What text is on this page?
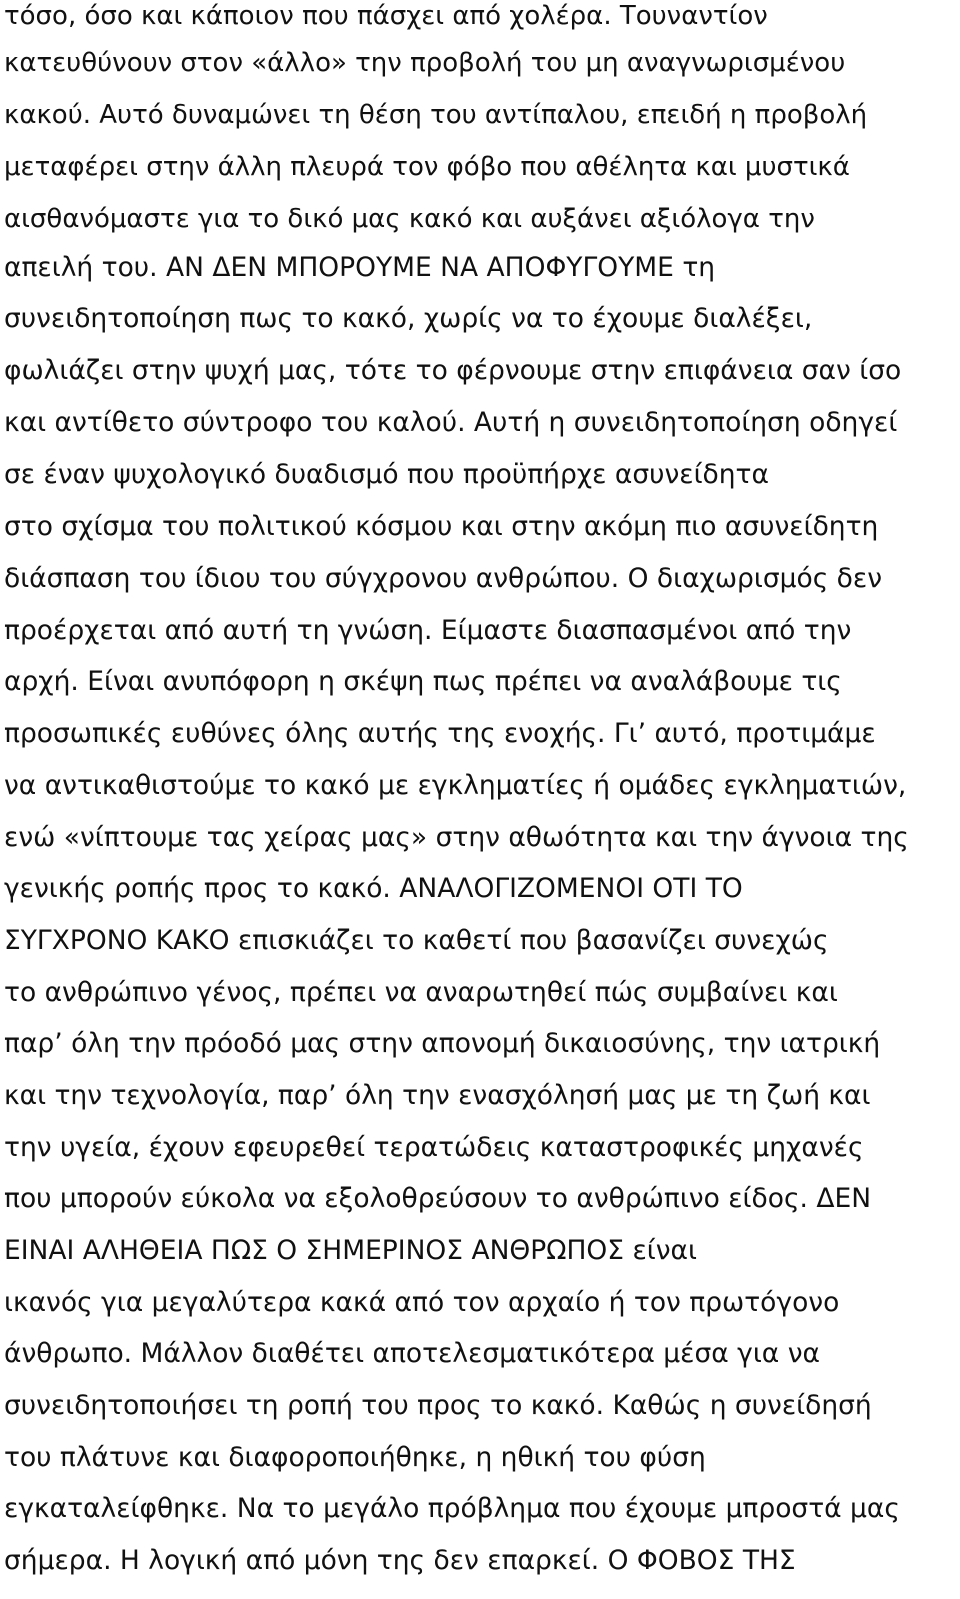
τόσο, όσο και κάποιον που πάσχει από χολέρα. Τουναντίον
κατευθύνουν στον «άλλο» την προβολή του μη αναγνωρισμένου
κακού. Αυτό δυναμώνει τη θέση του αντίπαλου, επειδή η προβολή
μεταφέρει στην άλλη πλευρά τον φόβο που αθέλητα και μυστικά
αισθανόμαστε για το δικό μας κακό και αυξάνει αξιόλογα την
απειλή του. ΑΝ ΔΕΝ ΜΠΟΡΟΥΜΕ ΝΑ ΑΠΟΦΥΓΟΥΜΕ τη
συνειδητοποίηση πως το κακό, χωρίς να το έχουμε διαλέξει,
φωλιάζει στην ψυχή μας, τότε το φέρνουμε στην επιφάνεια σαν ίσο
και αντίθετο σύντροφο του καλού. Αυτή η συνειδητοποίηση οδηγεί
σε έναν ψυχολογικό δυαδισμό που προϋπήρχε ασυνείδητα
στο σχίσμα του πολιτικού κόσμου και στην ακόμη πιο ασυνείδητη
διάσπαση του ίδιου του σύγχρονου ανθρώπου. Ο διαχωρισμός δεν
προέρχεται από αυτή τη γνώση. Είμαστε διασπασμένοι από την
αρχή. Είναι ανυπόφορη η σκέψη πως πρέπει να αναλάβουμε τις
προσωπικές ευθύνες όλης αυτής της ενοχής. Γι’ αυτό, προτιμάμε
να αντικαθιστούμε το κακό με εγκληματίες ή ομάδες εγκληματιών,
ενώ «νίπτουμε τας χείρας μας» στην αθωότητα και την άγνοια της
γενικής ροπής προς το κακό. ΑΝΑΛΟΓΙΖΟΜΕΝΟΙ ΟΤΙ ΤΟ
ΣΥΓΧΡΟΝΟ ΚΑΚΟ επισκιάζει το καθετί που βασανίζει συνεχώς
το ανθρώπινο γένος, πρέπει να αναρωτηθεί πώς συμβαίνει και
παρ’ όλη την πρόοδό μας στην απονομή δικαιοσύνης, την ιατρική
και την τεχνολογία, παρ’ όλη την ενασχόλησή μας με τη ζωή και
την υγεία, έχουν εφευρεθεί τερατώδεις καταστροφικές μηχανές
που μπορούν εύκολα να εξολοθρεύσουν το ανθρώπινο είδος. ΔΕΝ
ΕΙΝΑΙ ΑΛΗΘΕΙΑ ΠΩΣ Ο ΣΗΜΕΡΙΝΟΣ ΑΝΘΡΩΠΟΣ είναι
ικανός για μεγαλύτερα κακά από τον αρχαίο ή τον πρωτόγονο
άνθρωπο. Μάλλον διαθέτει αποτελεσματικότερα μέσα για να
συνειδητοποιήσει τη ροπή του προς το κακό. Καθώς η συνείδησή
του πλάτυνε και διαφοροποιήθηκε, η ηθική του φύση
εγκαταλείφθηκε. Να το μεγάλο πρόβλημα που έχουμε μπροστά μας
σήμερα. Η λογική από μόνη της δεν επαρκεί. Ο ΦΟΒΟΣ ΤΗΣ
